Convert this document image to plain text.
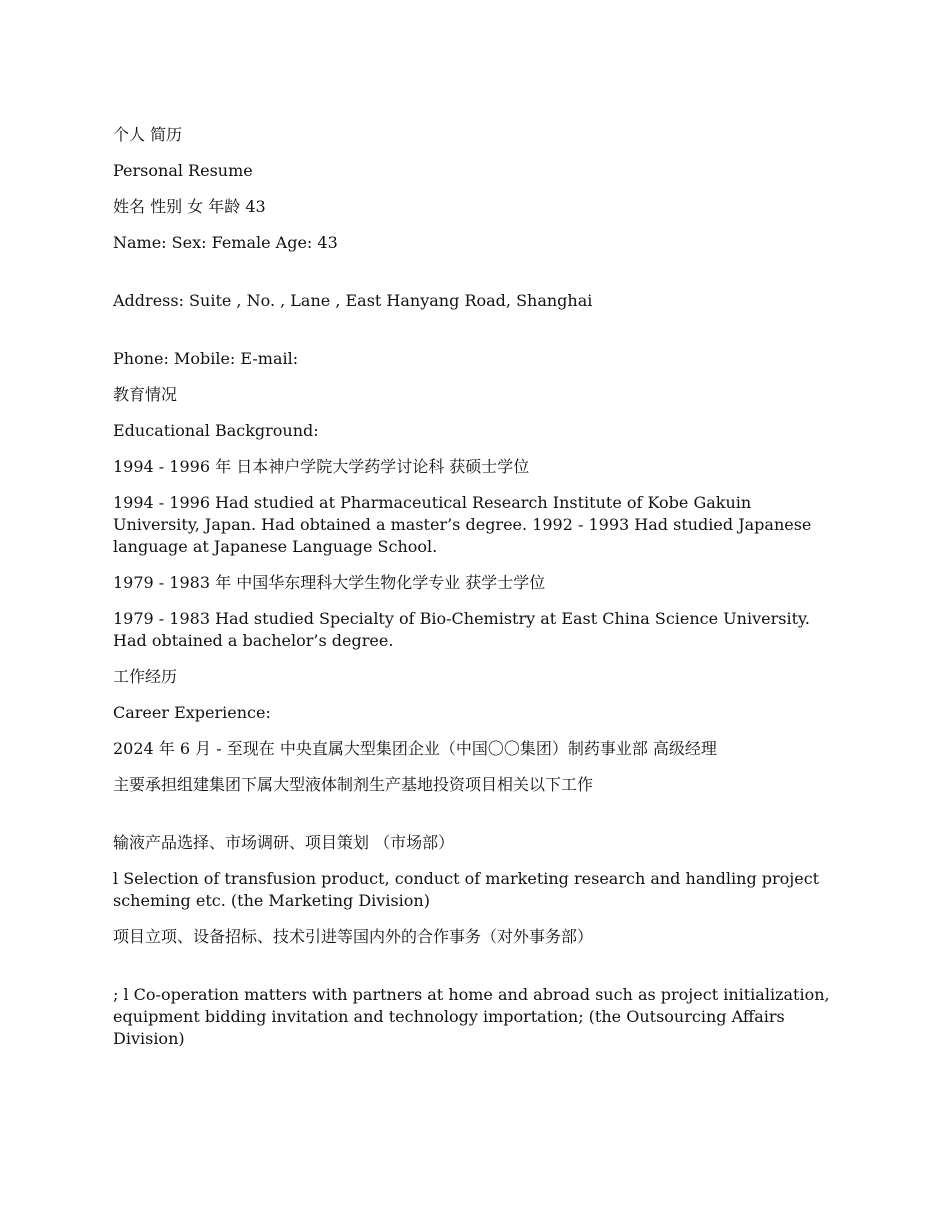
个人 简历

Personal Resume

姓名 性别 女 年龄 43

Name: Sex: Female Age: 43

Address: Suite , No. , Lane , East Hanyang Road, Shanghai

Phone: Mobile: E-mail:

教育情况

Educational Background:

1994 - 1996 年 日本神户学院大学药学讨论科 获硕士学位

1994 - 1996 Had studied at Pharmaceutical Research Institute of Kobe Gakuin University, Japan. Had obtained a master’s degree. 1992 - 1993 Had studied Japanese language at Japanese Language School.

1979 - 1983 年 中国华东理科大学生物化学专业 获学士学位

1979 - 1983 Had studied Specialty of Bio-Chemistry at East China Science University. Had obtained a bachelor’s degree.

工作经历

Career Experience:

2024 年 6 月 - 至现在 中央直属大型集团企业（中国〇〇集团）制药事业部 高级经理

主要承担组建集团下属大型液体制剂生产基地投资项目相关以下工作

输液产品选择、市场调研、项目策划 （市场部）

l Selection of transfusion product, conduct of marketing research and handling project scheming etc. (the Marketing Division)

项目立项、设备招标、技术引进等国内外的合作事务（对外事务部）

; l Co-operation matters with partners at home and abroad such as project initialization, equipment bidding invitation and technology importation; (the Outsourcing Affairs Division)
